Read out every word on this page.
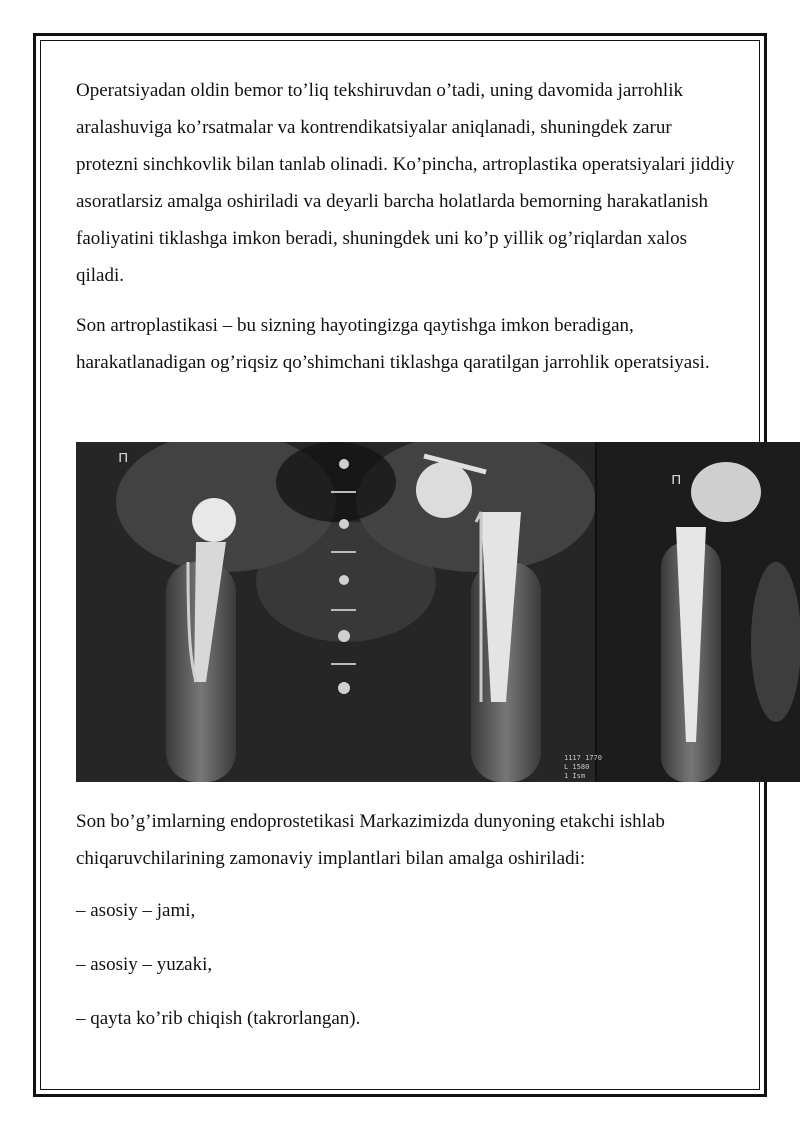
Operatsiyadan oldin bemor to’liq tekshiruvdan o’tadi, uning davomida jarrohlik aralashuviga ko’rsatmalar va kontrendikatsiyalar aniqlanadi, shuningdek zarur protezni sinchkovlik bilan tanlab olinadi. Ko’pincha, artroplastika operatsiyalari jiddiy asoratlarsiz amalga oshiriladi va deyarli barcha holatlarda bemorning harakatlanish faoliyatini tiklashga imkon beradi, shuningdek uni ko’p yillik og’riqlardan xalos qiladi.

Son artroplastikasi – bu sizning hayotingizga qaytishga imkon beradigan, harakatlanadigan og’riqsiz qo’shimchani tiklashga qaratilgan jarrohlik operatsiyasi.

п
п
1117 1770
L 1580
1 Ism

Son bo’g’imlarning endoprostetikasi Markazimizda dunyoning etakchi ishlab chiqaruvchilarining zamonaviy implantlari bilan amalga oshiriladi:

– asosiy – jami,

– asosiy – yuzaki,

– qayta ko’rib chiqish (takrorlangan).
